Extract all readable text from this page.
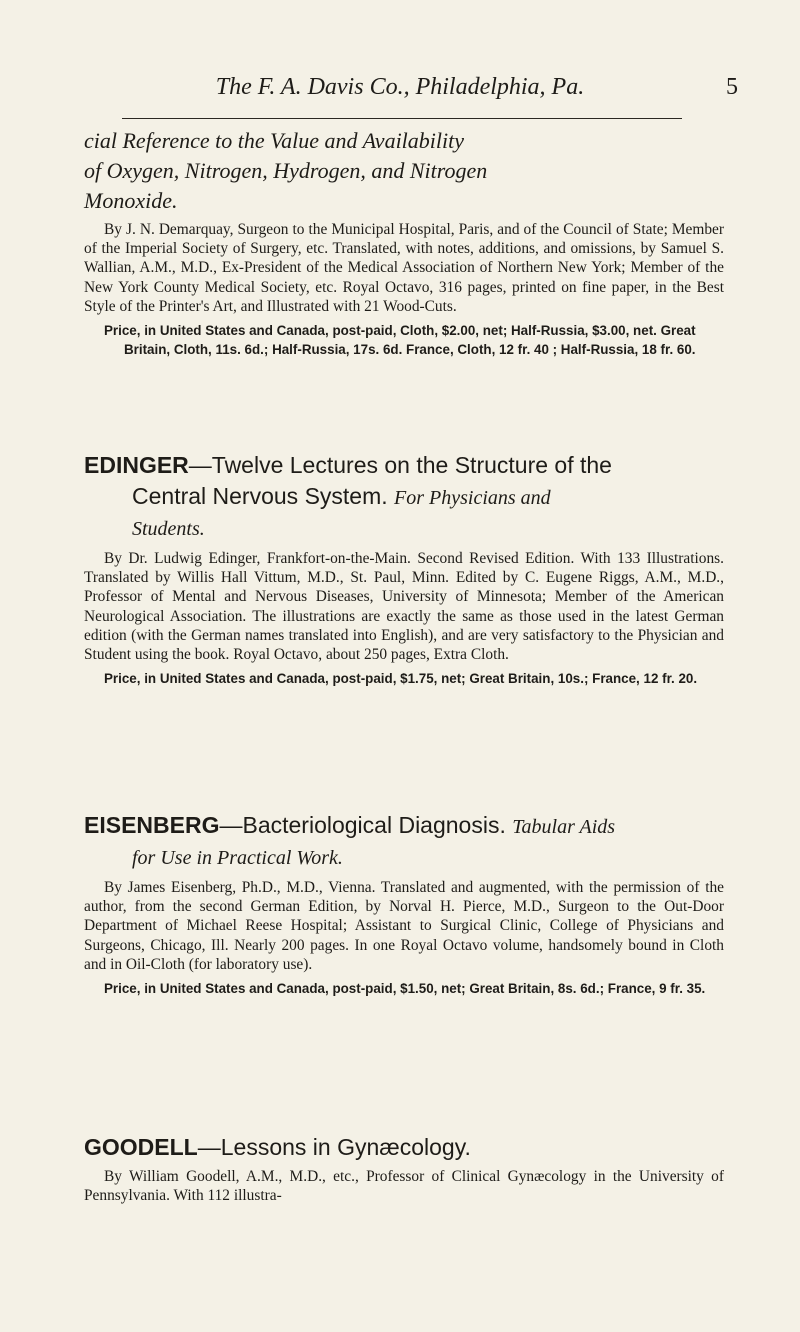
The F. A. Davis Co., Philadelphia, Pa.	5

cial Reference to the Value and Availability

of Oxygen, Nitrogen, Hydrogen, and Nitrogen

Monoxide.

By J. N. Demarquay, Surgeon to the Municipal Hospital, Paris, and of the Council of State; Member of the Imperial Society of Surgery, etc. Translated, with notes, additions, and omissions, by Samuel S. Wallian, A.M., M.D., Ex-President of the Medical Association of Northern New York; Member of the New York County Medical Society, etc. Royal Octavo, 316 pages, printed on fine paper, in the Best Style of the Printer's Art, and Illustrated with 21 Wood-Cuts.

Price, in United States and Canada, post-paid, Cloth, $2.00, net; Half-Russia, $3.00, net. Great Britain, Cloth, 11s. 6d.; Half-Russia, 17s. 6d. France, Cloth, 12 fr. 40 ; Half-Russia, 18 fr. 60.

EDINGER—Twelve Lectures on the Structure of the
Central Nervous System. For Physicians and
Students.

By Dr. Ludwig Edinger, Frankfort-on-the-Main. Second Revised Edition. With 133 Illustrations. Translated by Willis Hall Vittum, M.D., St. Paul, Minn. Edited by C. Eugene Riggs, A.M., M.D., Professor of Mental and Nervous Diseases, University of Minnesota; Member of the American Neurological Association. The illustrations are exactly the same as those used in the latest German edition (with the German names translated into English), and are very satisfactory to the Physician and Student using the book. Royal Octavo, about 250 pages, Extra Cloth.

Price, in United States and Canada, post-paid, $1.75, net; Great Britain, 10s.; France, 12 fr. 20.

EISENBERG—Bacteriological Diagnosis. Tabular Aids
for Use in Practical Work.

By James Eisenberg, Ph.D., M.D., Vienna. Translated and augmented, with the permission of the author, from the second German Edition, by Norval H. Pierce, M.D., Surgeon to the Out-Door Department of Michael Reese Hospital; Assistant to Surgical Clinic, College of Physicians and Surgeons, Chicago, Ill. Nearly 200 pages. In one Royal Octavo volume, handsomely bound in Cloth and in Oil-Cloth (for laboratory use).

Price, in United States and Canada, post-paid, $1.50, net; Great Britain, 8s. 6d.; France, 9 fr. 35.

GOODELL—Lessons in Gynæcology.

By William Goodell, A.M., M.D., etc., Professor of Clinical Gynæcology in the University of Pennsylvania. With 112 illustra-
